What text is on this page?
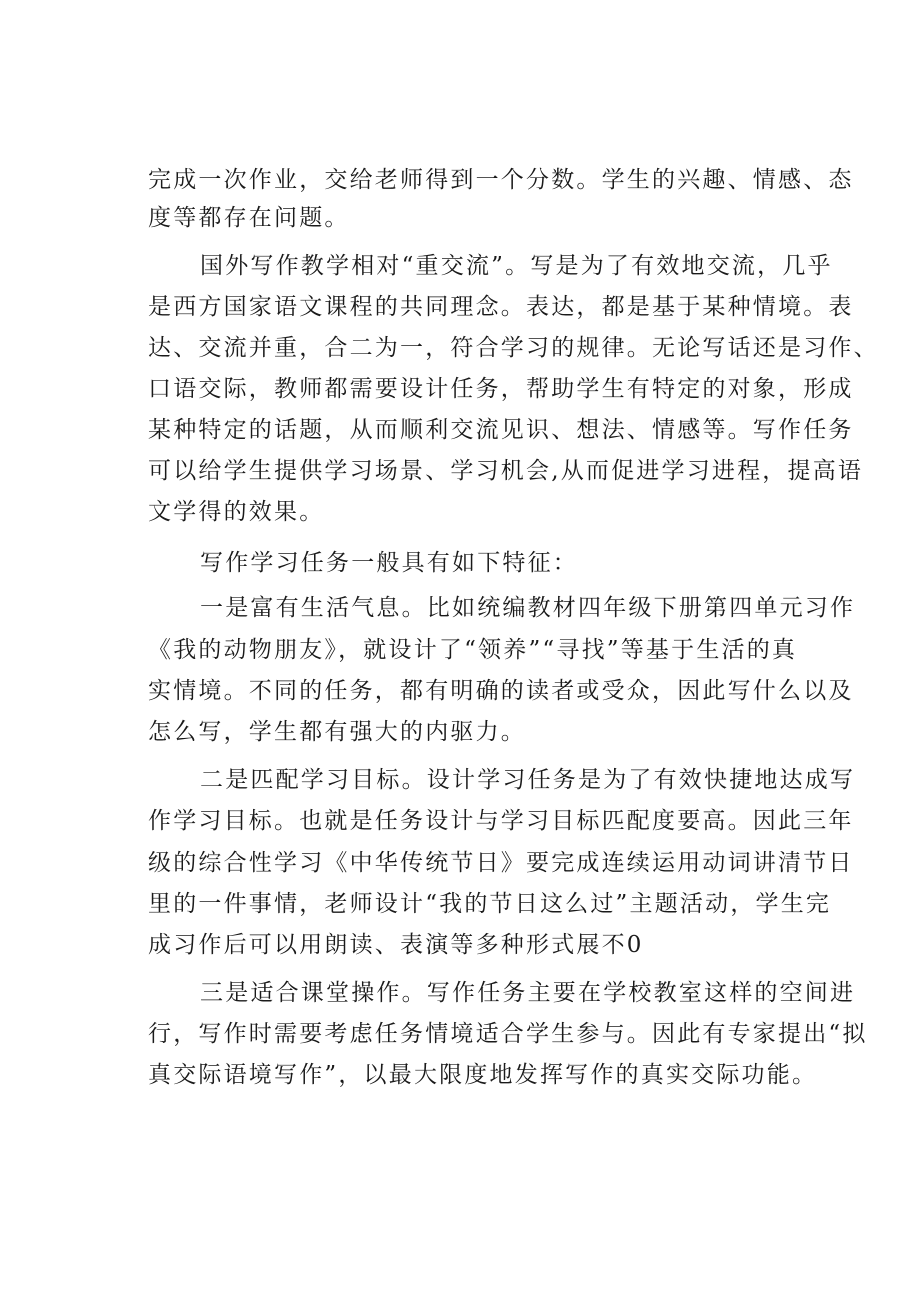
完成一次作业，交给老师得到一个分数。学生的兴趣、情感、态
度等都存在问题。
国外写作教学相对“重交流”。写是为了有效地交流，几乎
是西方国家语文课程的共同理念。表达，都是基于某种情境。表
达、交流并重，合二为一，符合学习的规律。无论写话还是习作、
口语交际，教师都需要设计任务，帮助学生有特定的对象，形成
某种特定的话题，从而顺利交流见识、想法、情感等。写作任务
可以给学生提供学习场景、学习机会,从而促进学习进程，提高语
文学得的效果。
写作学习任务一般具有如下特征：
一是富有生活气息。比如统编教材四年级下册第四单元习作
《我的动物朋友》，就设计了“领养”“寻找”等基于生活的真
实情境。不同的任务，都有明确的读者或受众，因此写什么以及
怎么写，学生都有强大的内驱力。
二是匹配学习目标。设计学习任务是为了有效快捷地达成写
作学习目标。也就是任务设计与学习目标匹配度要高。因此三年
级的综合性学习《中华传统节日》要完成连续运用动词讲清节日
里的一件事情，老师设计“我的节日这么过”主题活动，学生完
成习作后可以用朗读、表演等多种形式展不0
三是适合课堂操作。写作任务主要在学校教室这样的空间进
行，写作时需要考虑任务情境适合学生参与。因此有专家提出“拟
真交际语境写作”，以最大限度地发挥写作的真实交际功能。
